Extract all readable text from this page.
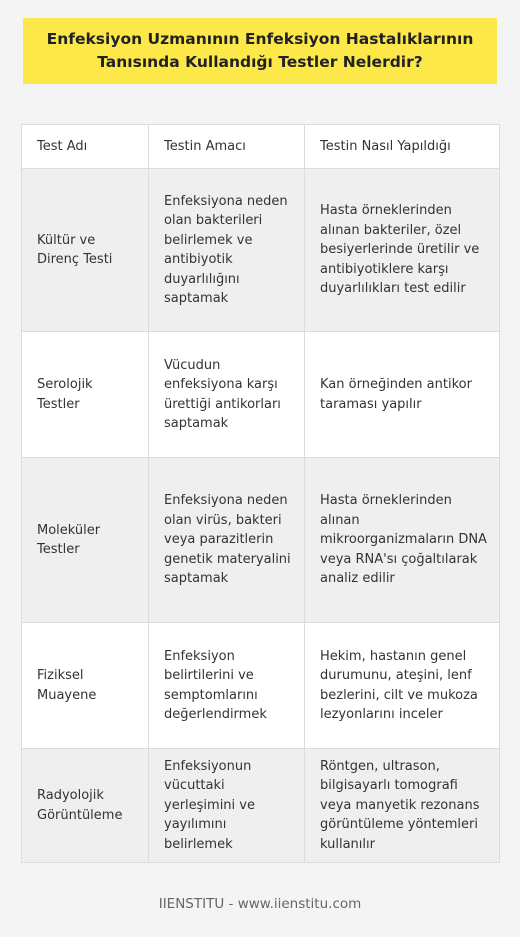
Enfeksiyon Uzmanının Enfeksiyon Hastalıklarının Tanısında Kullandığı Testler Nelerdir?
Test Adı	Testin Amacı	Testin Nasıl Yapıldığı
Kültür ve Direnç Testi	Enfeksiyona neden olan bakterileri belirlemek ve antibiyotik duyarlılığını saptamak	Hasta örneklerinden alınan bakteriler, özel besiyerlerinde üretilir ve antibiyotiklere karşı duyarlılıkları test edilir
Serolojik Testler	Vücudun enfeksiyona karşı ürettiği antikorları saptamak	Kan örneğinden antikor taraması yapılır
Moleküler Testler	Enfeksiyona neden olan virüs, bakteri veya parazitlerin genetik materyalini saptamak	Hasta örneklerinden alınan mikroorganizmaların DNA veya RNA'sı çoğaltılarak analiz edilir
Fiziksel Muayene	Enfeksiyon belirtilerini ve semptomlarını değerlendirmek	Hekim, hastanın genel durumunu, ateşini, lenf bezlerini, cilt ve mukoza lezyonlarını inceler
Radyolojik Görüntüleme	Enfeksiyonun vücuttaki yerleşimini ve yayılımını belirlemek	Röntgen, ultrason, bilgisayarlı tomografi veya manyetik rezonans görüntüleme yöntemleri kullanılır
IIENSTITU - www.iienstitu.com
